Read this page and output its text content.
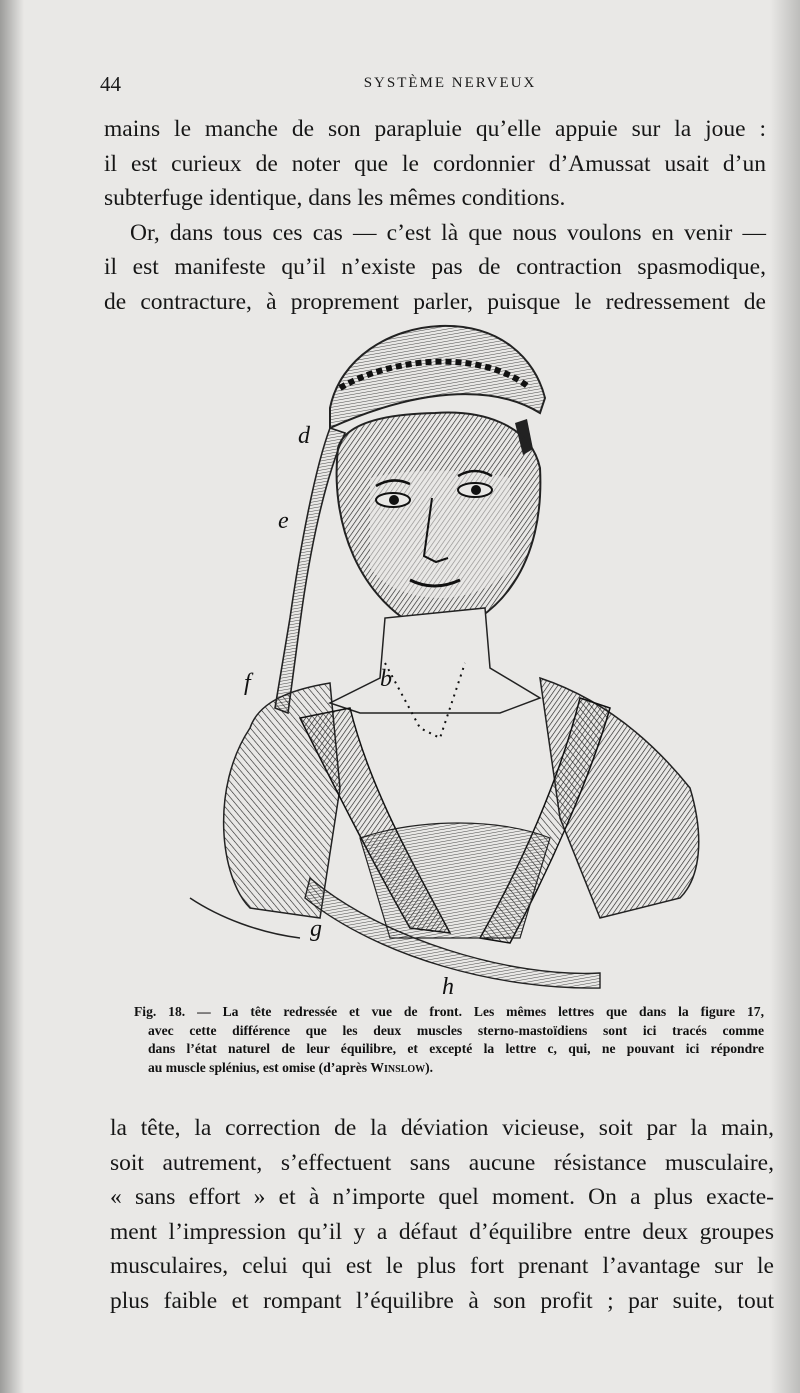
44	SYSTÈME NERVEUX
mains le manche de son parapluie qu’elle appuie sur la joue :
il est curieux de noter que le cordonnier d’Amussat usait d’un
subterfuge identique, dans les mêmes conditions.
Or, dans tous ces cas — c’est là que nous voulons en venir —
il est manifeste qu’il n’existe pas de contraction spasmodique,
de contracture, à proprement parler, puisque le redressement de
d
e
f	b
g
h
Fig. 18. — La tête redressée et vue de front. Les mêmes lettres que dans la figure 17,
avec cette différence que les deux muscles sterno-mastoïdiens sont ici tracés comme
dans l’état naturel de leur équilibre, et excepté la lettre c, qui, ne pouvant ici répondre
au muscle splénius, est omise (d’après Winslow).
la tête, la correction de la déviation vicieuse, soit par la main,
soit autrement, s’effectuent sans aucune résistance musculaire,
« sans effort » et à n’importe quel moment. On a plus exacte-
ment l’impression qu’il y a défaut d’équilibre entre deux groupes
musculaires, celui qui est le plus fort prenant l’avantage sur le
plus faible et rompant l’équilibre à son profit ; par suite, tout
